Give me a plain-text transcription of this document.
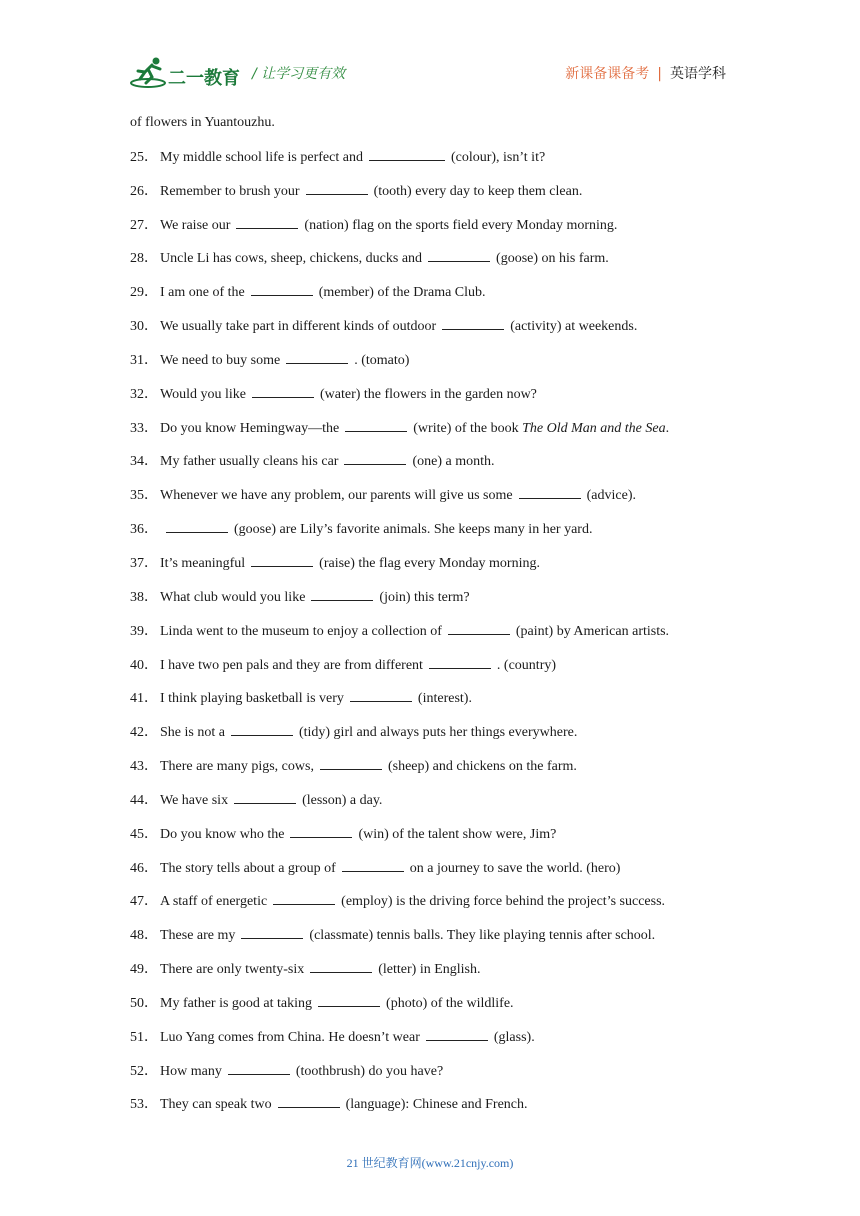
二一教育 / 让学习更有效	新课备课备考 | 英语学科
of flowers in Yuantouzhu.
25． My middle school life is perfect and	(colour), isn’t it?
26． Remember to brush your	(tooth) every day to keep them clean.
27． We raise our	(nation) flag on the sports field every Monday morning.
28． Uncle Li has cows, sheep, chickens, ducks and	(goose) on his farm.
29． I am one of the	(member) of the Drama Club.
30． We usually take part in different kinds of outdoor	(activity) at weekends.
31． We need to buy some	. (tomato)
32． Would you like	(water) the flowers in the garden now?
33． Do you know Hemingway—the	(write) of the book The Old Man and the Sea.
34． My father usually cleans his car	(one) a month.
35． Whenever we have any problem, our parents will give us some	(advice).
36．	(goose) are Lily’s favorite animals. She keeps many in her yard.
37． It’s meaningful	(raise) the flag every Monday morning.
38． What club would you like	(join) this term?
39． Linda went to the museum to enjoy a collection of	(paint) by American artists.
40． I have two pen pals and they are from different	. (country)
41． I think playing basketball is very	(interest).
42． She is not a	(tidy) girl and always puts her things everywhere.
43． There are many pigs, cows,	(sheep) and chickens on the farm.
44． We have six	(lesson) a day.
45． Do you know who the	(win) of the talent show were, Jim?
46． The story tells about a group of	on a journey to save the world. (hero)
47． A staff of energetic	(employ) is the driving force behind the project’s success.
48． These are my	(classmate) tennis balls. They like playing tennis after school.
49． There are only twenty-six	(letter) in English.
50． My father is good at taking	(photo) of the wildlife.
51． Luo Yang comes from China. He doesn’t wear	(glass).
52． How many	(toothbrush) do you have?
53． They can speak two	(language): Chinese and French.
21 世纪教育网(www.21cnjy.com)
